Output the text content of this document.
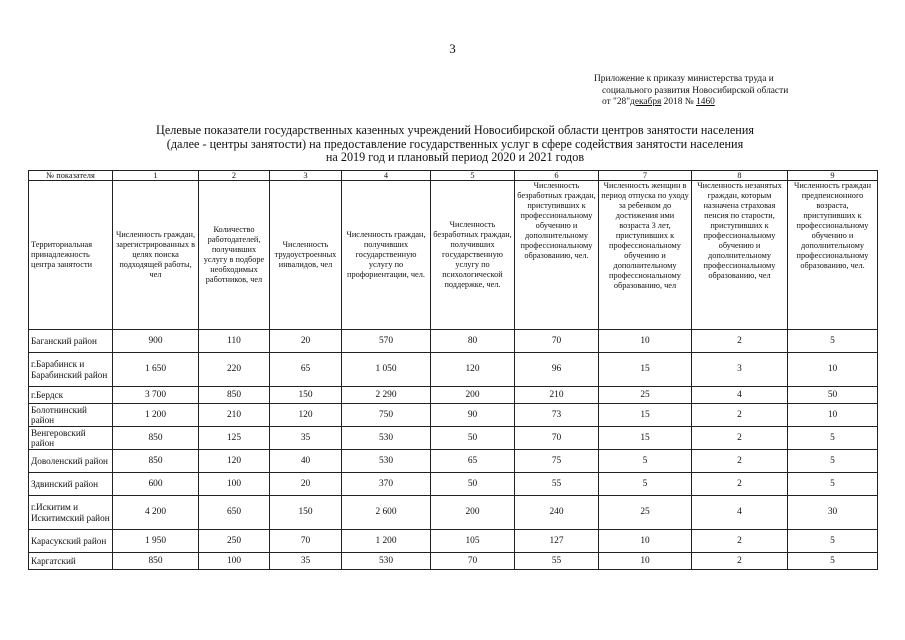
3
Приложение к приказу министерства труда и
социального развития Новосибирской области
от "28"декабря 2018 № 1460
Целевые показатели государственных казенных учреждений Новосибирской области центров занятости населения
(далее - центры занятости) на предоставление государственных услуг в сфере содействия занятости населения
на 2019 год и плановый период 2020 и 2021 годов
№ показателя	1	2	3	4	5	6	7	8	9
Территориальная принадлежность центра занятости	Численность граждан, зарегистрированных в целях поиска подходящей работы, чел	Количество работодателей, получивших услугу в подборе необходимых работников, чел	Численность трудоустроенных инвалидов, чел	Численность граждан, получивших государственную услугу по профориентации, чел.	Численность безработных граждан, получивших государственную услугу по психологической поддержке, чел.	Численность безработных граждан, приступивших к профессиональному обучению и дополнительному профессиональному образованию, чел.	Численность женщин в период отпуска по уходу за ребенком до достижения ими возраста 3 лет, приступивших к профессиональному обучению и дополнительному профессиональному образованию, чел	Численность незанятых граждан, которым назначена страховая пенсия по старости, приступивших к профессиональному обучению и дополнительному профессиональному образованию, чел	Численность граждан предпенсионного возраста, приступивших к профессиональному обучению и дополнительному профессиональному образованию, чел.
Баганский район	900	110	20	570	80	70	10	2	5
г.Барабинск и Барабинский район	1 650	220	65	1 050	120	96	15	3	10
г.Бердск	3 700	850	150	2 290	200	210	25	4	50
Болотнинский район	1 200	210	120	750	90	73	15	2	10
Венгеровский район	850	125	35	530	50	70	15	2	5
Доволенский район	850	120	40	530	65	75	5	2	5
Здвинский район	600	100	20	370	50	55	5	2	5
г.Искитим и Искитимский район	4 200	650	150	2 600	200	240	25	4	30
Карасукский район	1 950	250	70	1 200	105	127	10	2	5
Каргатский	850	100	35	530	70	55	10	2	5
